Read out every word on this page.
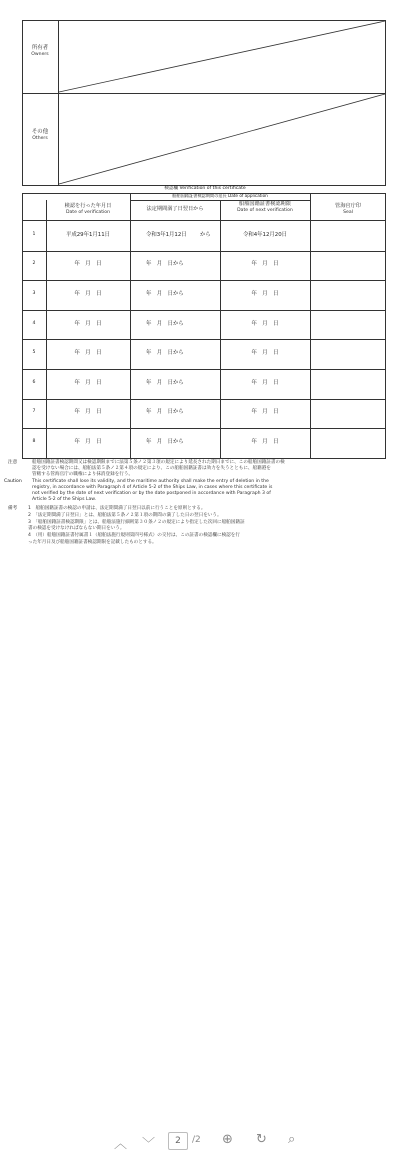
所有者
Owners
その他
Others
検認欄 Verification of this certificate
船舶国籍証書検認期間の延長 Date of application
検認を行った年月日
Date of verification
法定期間満了日翌日から
船舶国籍証書検認期限
Date of next verification
管海官庁印
Seal
1	平成29年1月11日	令和3年1月12日 から	令和4年12月20日
2	年　月　日	年　月　日から	年　月　日
3	年　月　日	年　月　日から	年　月　日
4	年　月　日	年　月　日から	年　月　日
5	年　月　日	年　月　日から	年　月　日
6	年　月　日	年　月　日から	年　月　日
7	年　月　日	年　月　日から	年　月　日
8	年　月　日	年　月　日から	年　月　日
注意	船舶国籍証書検認期間又は検認期限までに法第５条ノ２第３項の規定により延長された期日までに、この船舶国籍証書の検
認を受けない場合には、船舶法第５条ノ２第４項の規定により、この船舶国籍証書は効力を失うとともに、船籍港を
管轄する管海官庁の職権により抹消登録を行う。
Caution This certificate shall lose its validity, and the maritime authority shall make the entry of deletion in the
registry, in accordance with Paragraph 4 of Article 5-2 of the Ships Law, in cases where this certificate is
not verified by the date of next verification or by the date postponed in accordance with Paragraph 3 of
Article 5-2 of the Ships Law.
備考 1　船舶国籍証書の検認の申請は、法定期間満了日翌日以前に行うことを原則とする。
2　「法定期間満了日翌日」とは、船舶法第５条ノ２第１項の期間の満了した日の翌日をいう。
3　「船舶国籍証書検認期限」とは、船舶法施行細則第３０条ノ２の規定により指定した次回に船舶国籍証
書の検認を受けなければならない期日をいう。
4　（用）船舶国籍証書付属書１（船舶法施行規則第四号様式）の交付は、この証書の検認欄に検認を行
った年月日及び船舶国籍証書検認期限を記載したものとする。
︿ ﹀	2	/2 ⊕ ↻ ⌕
